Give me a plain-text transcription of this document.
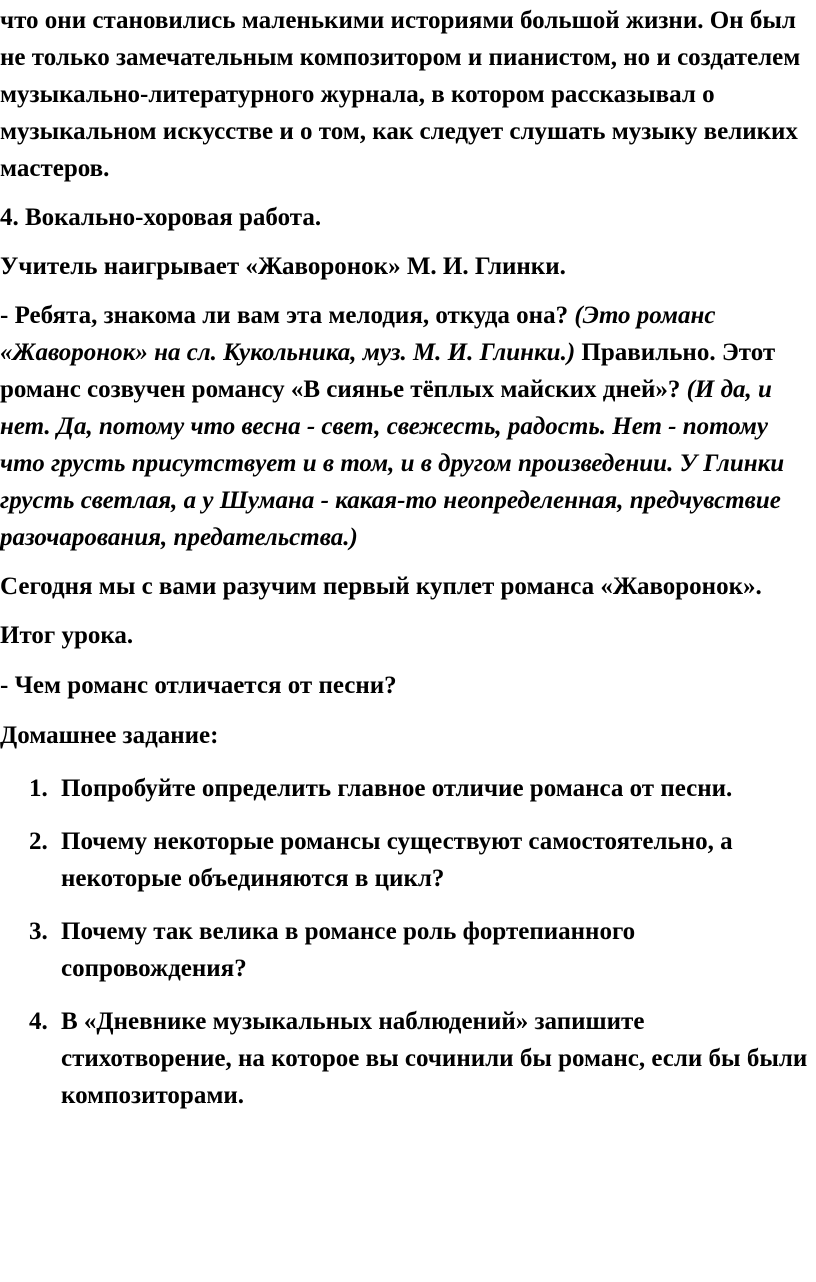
что они становились маленькими историями большой жизни. Он был не только замечательным композитором и пианистом, но и создателем музыкально-литературного журнала, в котором рассказывал о музыкальном искусстве и о том, как следует слушать музыку великих мастеров.

4. Вокально-хоровая работа.

Учитель наигрывает «Жаворонок» М. И. Глинки.

- Ребята, знакома ли вам эта мелодия, откуда она? (Это романс «Жаворонок» на сл. Кукольника, муз. М. И. Глинки.) Правильно. Этот романс созвучен романсу «В сиянье тёплых майских дней»? (И да, и нет. Да, потому что весна - свет, свежесть, радость. Нет - потому что грусть присутствует и в том, и в другом произведении. У Глинки грусть светлая, а у Шумана - какая-то неопределенная, предчувствие разочарования, предательства.)

Сегодня мы с вами разучим первый куплет романса «Жаворонок».

Итог урока.

- Чем романс отличается от песни?

Домашнее задание:

1. Попробуйте определить главное отличие романса от песни.
2. Почему некоторые романсы существуют самостоятельно, а некоторые объединяются в цикл?
3. Почему так велика в романсе роль фортепианного сопровождения?
4. В «Дневнике музыкальных наблюдений» запишите стихотворение, на которое вы сочинили бы романс, если бы были композиторами.
